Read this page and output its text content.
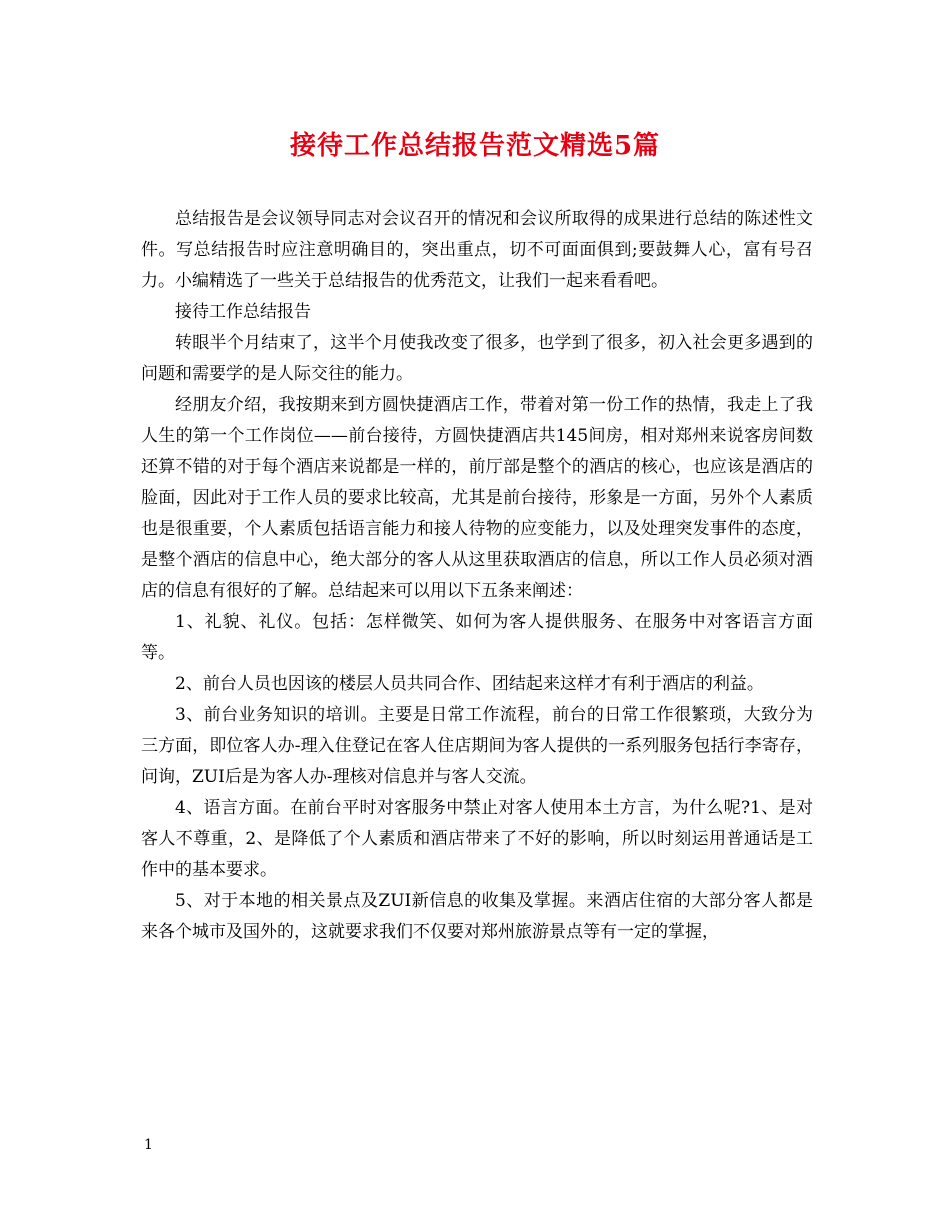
接待工作总结报告范文精选5篇

总结报告是会议领导同志对会议召开的情况和会议所取得的成果进行总结的陈述性文件。写总结报告时应注意明确目的，突出重点，切不可面面俱到;要鼓舞人心，富有号召力。小编精选了一些关于总结报告的优秀范文，让我们一起来看看吧。

接待工作总结报告

转眼半个月结束了，这半个月使我改变了很多，也学到了很多，初入社会更多遇到的问题和需要学的是人际交往的能力。

经朋友介绍，我按期来到方圆快捷酒店工作，带着对第一份工作的热情，我走上了我人生的第一个工作岗位——前台接待，方圆快捷酒店共145间房，相对郑州来说客房间数还算不错的对于每个酒店来说都是一样的，前厅部是整个的酒店的核心，也应该是酒店的脸面，因此对于工作人员的要求比较高，尤其是前台接待，形象是一方面，另外个人素质也是很重要，个人素质包括语言能力和接人待物的应变能力，以及处理突发事件的态度，是整个酒店的信息中心，绝大部分的客人从这里获取酒店的信息，所以工作人员必须对酒店的信息有很好的了解。总结起来可以用以下五条来阐述：

1、礼貌、礼仪。包括：怎样微笑、如何为客人提供服务、在服务中对客语言方面等。

2、前台人员也因该的楼层人员共同合作、团结起来这样才有利于酒店的利益。

3、前台业务知识的培训。主要是日常工作流程，前台的日常工作很繁琐，大致分为三方面，即位客人办-理入住登记在客人住店期间为客人提供的一系列服务包括行李寄存，问询，ZUI后是为客人办-理核对信息并与客人交流。

4、语言方面。在前台平时对客服务中禁止对客人使用本土方言，为什么呢?1、是对客人不尊重，2、是降低了个人素质和酒店带来了不好的影响，所以时刻运用普通话是工作中的基本要求。

5、对于本地的相关景点及ZUI新信息的收集及掌握。来酒店住宿的大部分客人都是来各个城市及国外的，这就要求我们不仅要对郑州旅游景点等有一定的掌握，

1
